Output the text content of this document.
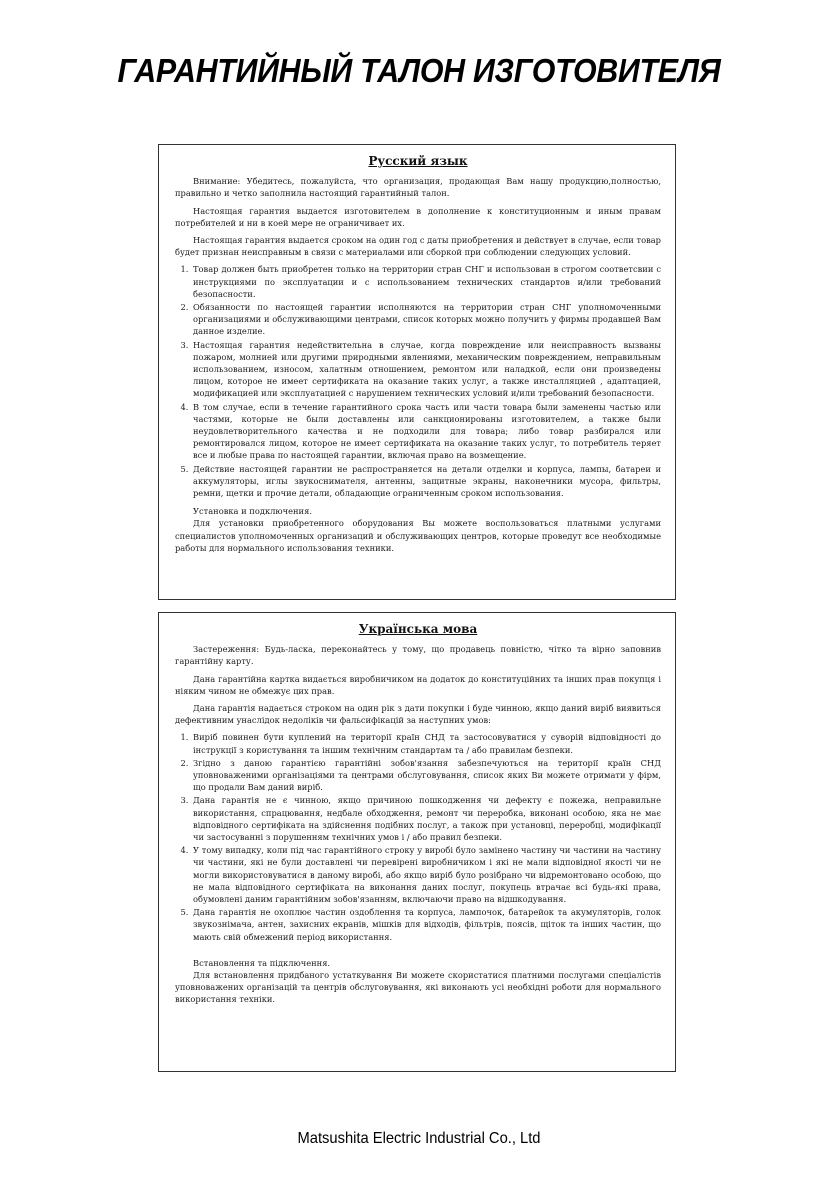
ГАРАНТИЙНЫЙ ТАЛОН ИЗГОТОВИТЕЛЯ
Русский язык

Внимание: Убедитесь, пожалуйста, что организация, продающая Вам нашу продукцию,полностью, правильно и четко заполнила настоящий гарантийный талон.

Настоящая гарантия выдается изготовителем в дополнение к конституционным и иным правам потребителей и ни в коей мере не ограничивает их.

Настоящая гарантия выдается сроком на один год с даты приобретения и действует в случае, если товар будет признан неисправным в связи с материалами или сборкой при соблюдении следующих условий.

1. Товар должен быть приобретен только на территории стран СНГ и использован в строгом соответсвии с инструкциями по эксплуатации и с использованием технических стандартов и/или требований безопасности.
2. Обязанности по настоящей гарантии исполняются на территории стран СНГ уполномоченными организациями и обслуживающими центрами, список которых можно получить у фирмы продавшей Вам данное изделие.
3. Настоящая гарантия недействительна в случае, когда повреждение или неисправность вызваны пожаром, молнией или другими природными явлениями, механическим повреждением, неправильным использованием, износом, халатным отношением, ремонтом или наладкой, если они произведены лицом, которое не имеет сертификата на оказание таких услуг, а также инсталляцией , адаптацией, модификацией или эксплуатацией с нарушением технических условий и/или требований безопасности.
4. В том случае, если в течение гарантийного срока часть или части товара были заменены частью или частями, которые не были доставлены или санкционированы изготовителем, а также были неудовлетворительного качества и не подходили для товара; либо товар разбирался или ремонтировался лицом, которое не имеет сертификата на оказание таких услуг, то потребитель теряет все и любые права по настоящей гарантии, включая право на возмещение.
5. Действие настоящей гарантии не распространяется на детали отделки и корпуса, лампы, батареи и аккумуляторы, иглы звукоснимателя, антенны, защитные экраны, наконечники мусора, фильтры, ремни, щетки и прочие детали, обладающие ограниченным сроком использования.

Установка и подключения.

Для установки приобретенного оборудования Вы можете воспользоваться платными услугами специалистов уполномоченных организаций и обслуживающих центров, которые проведут все необходимые работы для нормального использования техники.

Українська мова

Застереження: Будь-ласка, переконайтесь у тому, що продавець повністю, чітко та вірно заповнив гарантійну карту.

Дана гарантійна картка видається виробничиком на додаток до конституційних та інших прав покупця і ніяким чином не обмежує цих прав.

Дана гарантія надається строком на один рік з дати покупки і буде чинною, якщо даний виріб виявиться дефективним унаслідок недоліків чи фальсифікацій за наступних умов:

1. Виріб повинен бути куплений на території країн СНД та застосовуватися у суворій відповідності до інструкції з користування та іншим технічним стандартам та / або правилам безпеки.
2. Згідно з даною гарантією гарантійні зобов'язання забезпечуються на території країн СНД уповноваженими організаціями та центрами обслуговування, список яких Ви можете отримати у фірм, що продали Вам даний виріб.
3. Дана гарантія не є чинною, якщо причиною пошкодження чи дефекту є пожежа, неправильне використання, спрацювання, недбале обходження, ремонт чи переробка, виконані особою, яка не має відповідного сертифіката на здійснення подібних послуг, а також при установці, переробці, модифікації чи застосуванні з порушенням технічних умов і / або правил безпеки.
4. У тому випадку, коли під час гарантійного строку у виробі було замінено частину чи частини на частину чи частини, які не були доставлені чи перевірені виробничиком і які не мали відповідної якості чи не могли використовуватися в даному виробі, або якщо виріб було розібрано чи відремонтовано особою, що не мала відповідного сертифіката на виконання даних послуг, покупець втрачає всі будь-які права, обумовлені даним гарантійним зобов'язанням, включаючи право на відшкодування.
5. Дана гарантія не охоплює частин оздоблення та корпуса, лампочок, батарейок та акумуляторів, голок звукознімача, антен, захисних екранів, мішків для відходів, фільтрів, поясів, щіток та інших частин, що мають свій обмежений період використання.

Встановлення та підключення.

Для встановлення придбаного устаткування Ви можете скористатися платними послугами спеціалістів уповноважених організацій та центрів обслуговування, які виконають усі необхідні роботи для нормального використання техніки.

Matsushita Electric Industrial Co., Ltd
